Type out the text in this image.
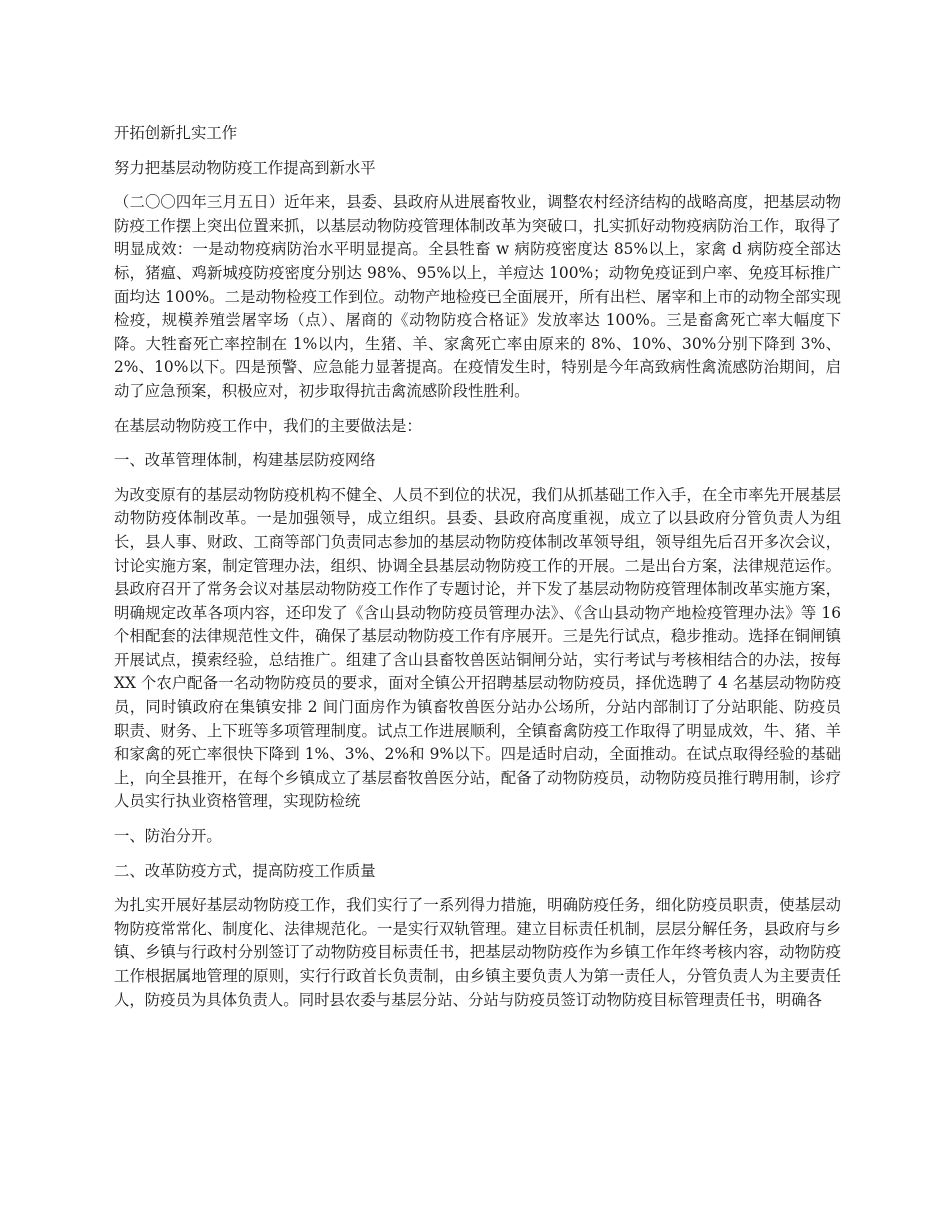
开拓创新扎实工作

努力把基层动物防疫工作提高到新水平

（二〇〇四年三月五日）近年来，县委、县政府从进展畜牧业，调整农村经济结构的战略高度，把基层动物防疫工作摆上突出位置来抓，以基层动物防疫管理体制改革为突破口，扎实抓好动物疫病防治工作，取得了明显成效：一是动物疫病防治水平明显提高。全县牲畜 w 病防疫密度达 85%以上，家禽 d 病防疫全部达标，猪瘟、鸡新城疫防疫密度分别达 98%、95%以上，羊痘达 100%；动物免疫证到户率、免疫耳标推广面均达 100%。二是动物检疫工作到位。动物产地检疫已全面展开，所有出栏、屠宰和上市的动物全部实现检疫，规模养殖尝屠宰场（点）、屠商的《动物防疫合格证》发放率达 100%。三是畜禽死亡率大幅度下降。大牲畜死亡率控制在 1%以内，生猪、羊、家禽死亡率由原来的 8%、10%、30%分别下降到 3%、2%、10%以下。四是预警、应急能力显著提高。在疫情发生时，特别是今年高致病性禽流感防治期间，启动了应急预案，积极应对，初步取得抗击禽流感阶段性胜利。

在基层动物防疫工作中，我们的主要做法是：

一、改革管理体制，构建基层防疫网络

为改变原有的基层动物防疫机构不健全、人员不到位的状况，我们从抓基础工作入手，在全市率先开展基层动物防疫体制改革。一是加强领导，成立组织。县委、县政府高度重视，成立了以县政府分管负责人为组长，县人事、财政、工商等部门负责同志参加的基层动物防疫体制改革领导组，领导组先后召开多次会议，讨论实施方案，制定管理办法，组织、协调全县基层动物防疫工作的开展。二是出台方案，法律规范运作。县政府召开了常务会议对基层动物防疫工作作了专题讨论，并下发了基层动物防疫管理体制改革实施方案，明确规定改革各项内容，还印发了《含山县动物防疫员管理办法》、《含山县动物产地检疫管理办法》等 16 个相配套的法律规范性文件，确保了基层动物防疫工作有序展开。三是先行试点，稳步推动。选择在铜闸镇开展试点，摸索经验，总结推广。组建了含山县畜牧兽医站铜闸分站，实行考试与考核相结合的办法，按每 XX 个农户配备一名动物防疫员的要求，面对全镇公开招聘基层动物防疫员，择优选聘了 4 名基层动物防疫员，同时镇政府在集镇安排 2 间门面房作为镇畜牧兽医分站办公场所，分站内部制订了分站职能、防疫员职责、财务、上下班等多项管理制度。试点工作进展顺利，全镇畜禽防疫工作取得了明显成效，牛、猪、羊和家禽的死亡率很快下降到 1%、3%、2%和 9%以下。四是适时启动，全面推动。在试点取得经验的基础上，向全县推开，在每个乡镇成立了基层畜牧兽医分站，配备了动物防疫员，动物防疫员推行聘用制，诊疗人员实行执业资格管理，实现防检统

一、防治分开。

二、改革防疫方式，提高防疫工作质量

为扎实开展好基层动物防疫工作，我们实行了一系列得力措施，明确防疫任务，细化防疫员职责，使基层动物防疫常常化、制度化、法律规范化。一是实行双轨管理。建立目标责任机制，层层分解任务，县政府与乡镇、乡镇与行政村分别签订了动物防疫目标责任书，把基层动物防疫作为乡镇工作年终考核内容，动物防疫工作根据属地管理的原则，实行行政首长负责制，由乡镇主要负责人为第一责任人，分管负责人为主要责任人，防疫员为具体负责人。同时县农委与基层分站、分站与防疫员签订动物防疫目标管理责任书，明确各
